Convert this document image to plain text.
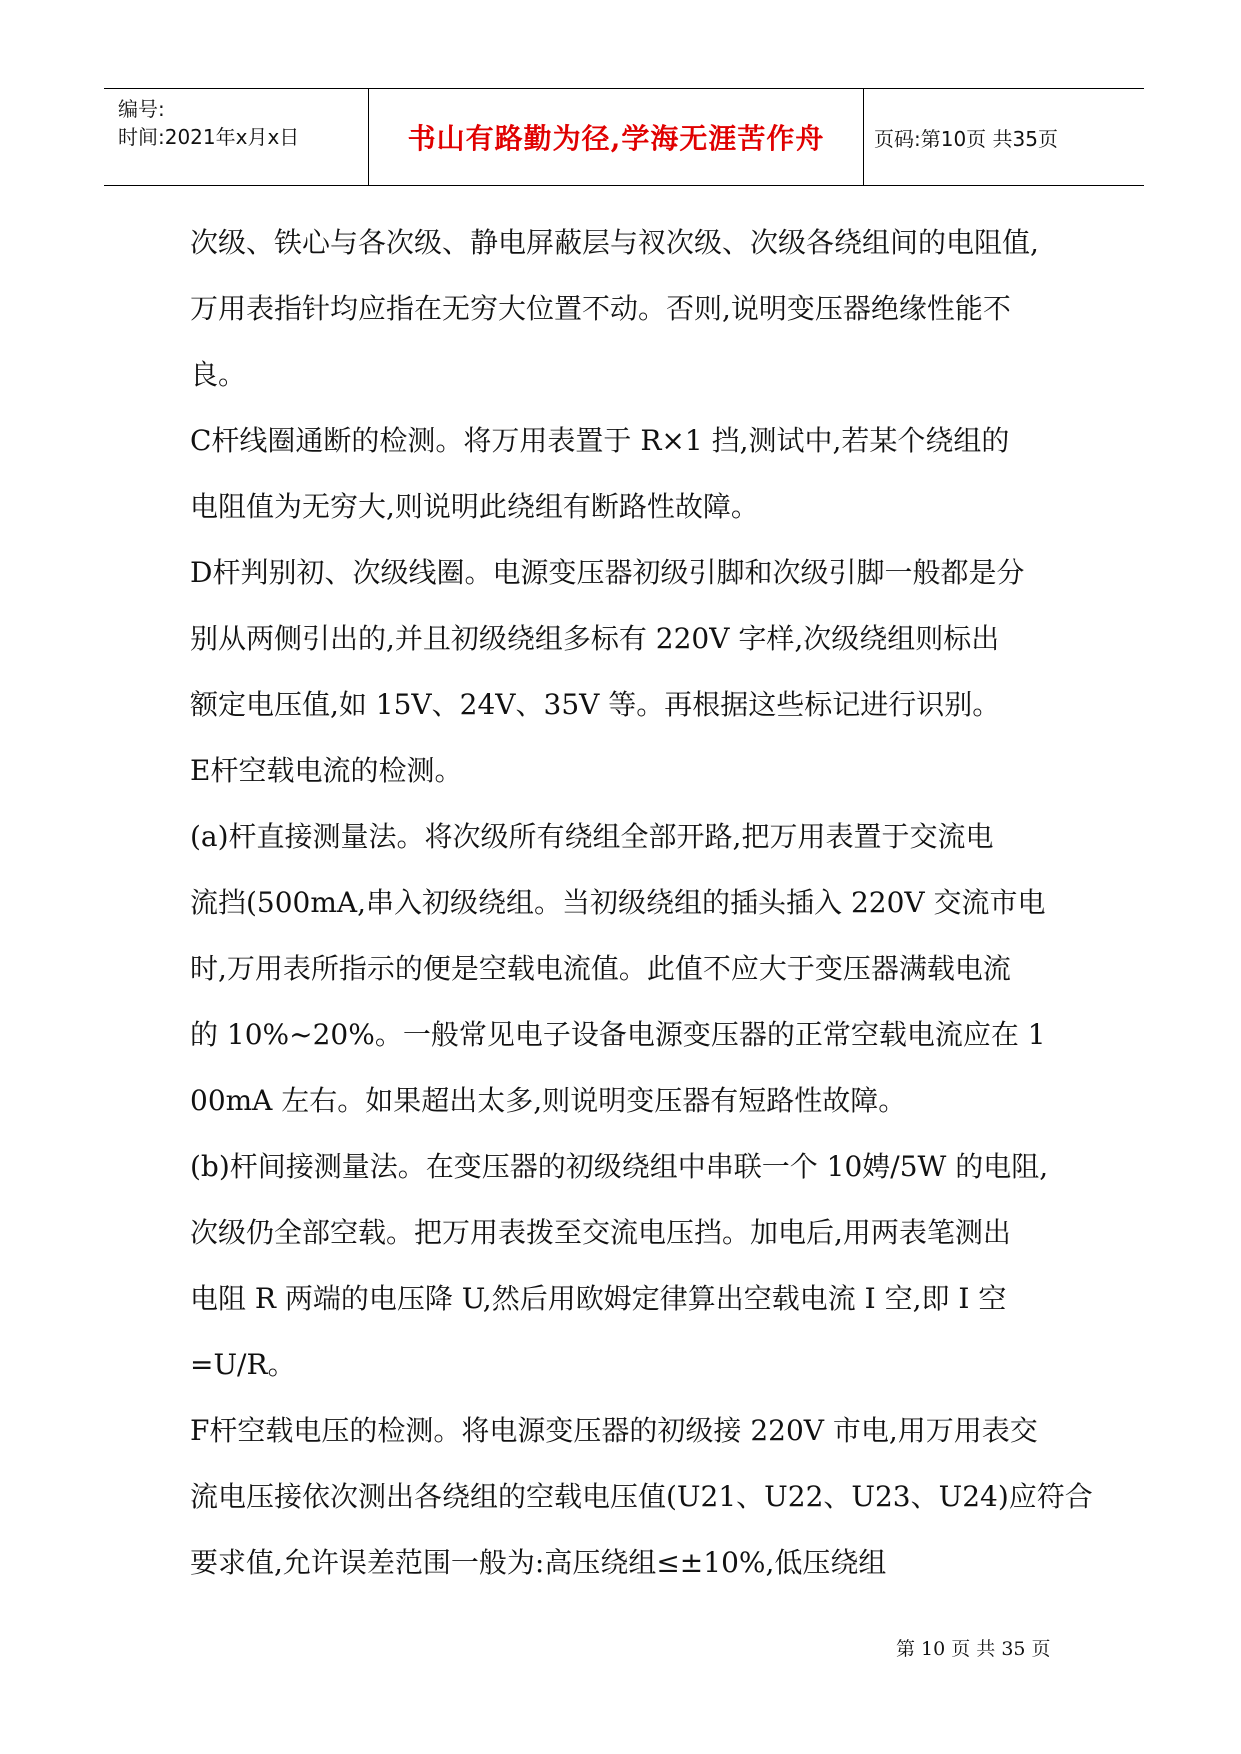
编号:
时间:2021年x月x日	书山有路勤为径,学海无涯苦作舟 页码:第10页 共35页
次级、铁心与各次级、静电屏蔽层与衩次级、次级各绕组间的电阻值,
万用表指针均应指在无穷大位置不动。否则,说明变压器绝缘性能不
良。
C杆线圈通断的检测。将万用表置于 R×1 挡,测试中,若某个绕组的
电阻值为无穷大,则说明此绕组有断路性故障。
D杆判别初、次级线圈。电源变压器初级引脚和次级引脚一般都是分
别从两侧引出的,并且初级绕组多标有 220V 字样,次级绕组则标出
额定电压值,如 15V、24V、35V 等。再根据这些标记进行识别。
E杆空载电流的检测。
(a)杆直接测量法。将次级所有绕组全部开路,把万用表置于交流电
流挡(500mA,串入初级绕组。当初级绕组的插头插入 220V 交流市电
时,万用表所指示的便是空载电流值。此值不应大于变压器满载电流
的 10%~20%。一般常见电子设备电源变压器的正常空载电流应在 1
00mA 左右。如果超出太多,则说明变压器有短路性故障。
(b)杆间接测量法。在变压器的初级绕组中串联一个 10娉/5W 的电阻,
次级仍全部空载。把万用表拨至交流电压挡。加电后,用两表笔测出
电阻 R 两端的电压降 U,然后用欧姆定律算出空载电流 I 空,即 I 空
=U/R。
F杆空载电压的检测。将电源变压器的初级接 220V 市电,用万用表交
流电压接依次测出各绕组的空载电压值(U21、U22、U23、U24)应符合
要求值,允许误差范围一般为:高压绕组≤±10%,低压绕组
第 10 页 共 35 页
